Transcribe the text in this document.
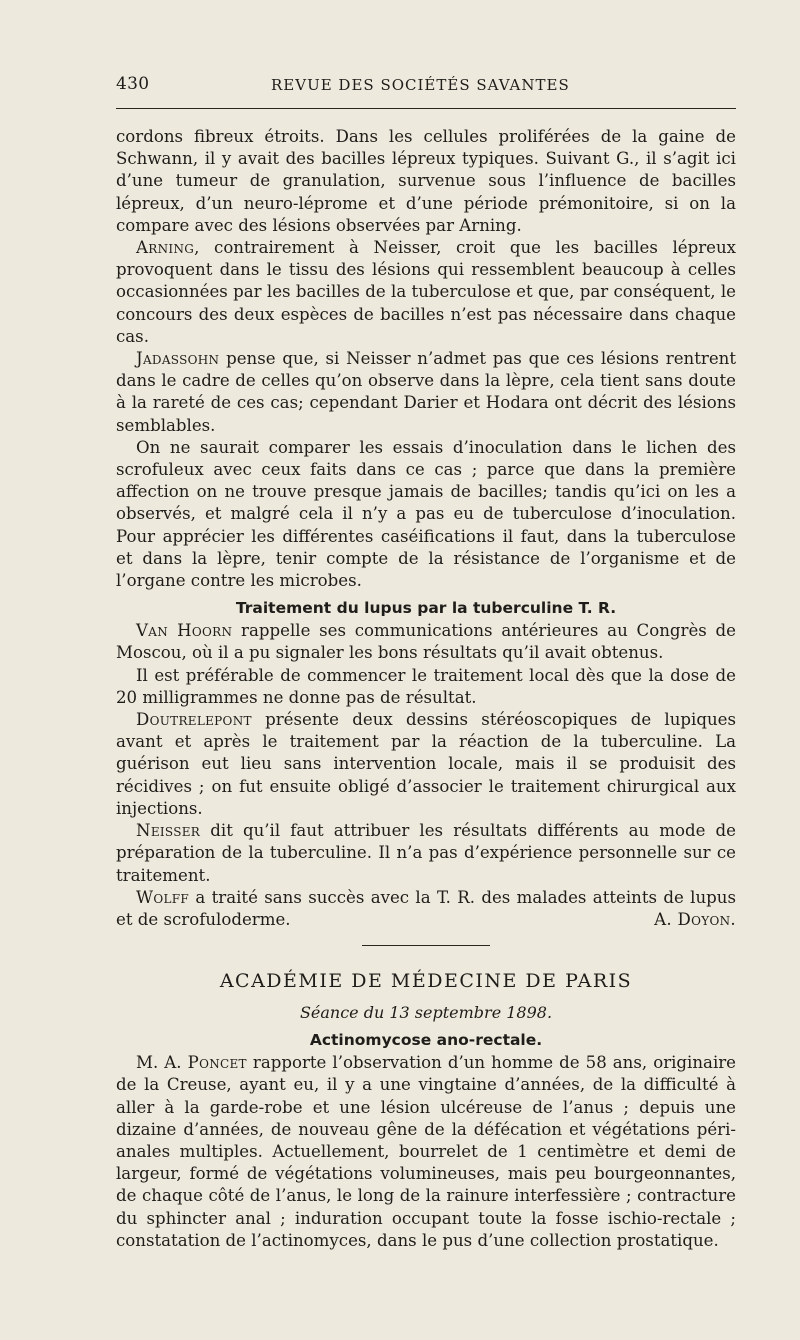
430	REVUE DES SOCIÉTÉS SAVANTES

cordons fibreux étroits. Dans les cellules proliférées de la gaine de Schwann, il y avait des bacilles lépreux typiques. Suivant G., il s’agit ici d’une tumeur de granulation, survenue sous l’influence de bacilles lépreux, d’un neuro-léprome et d’une période prémonitoire, si on la compare avec des lésions observées par Arning.

Arning, contrairement à Neisser, croit que les bacilles lépreux provoquent dans le tissu des lésions qui ressemblent beaucoup à celles occasionnées par les bacilles de la tuberculose et que, par conséquent, le concours des deux espèces de bacilles n’est pas nécessaire dans chaque cas.

Jadassohn pense que, si Neisser n’admet pas que ces lésions rentrent dans le cadre de celles qu’on observe dans la lèpre, cela tient sans doute à la rareté de ces cas; cependant Darier et Hodara ont décrit des lésions semblables.

On ne saurait comparer les essais d’inoculation dans le lichen des scrofuleux avec ceux faits dans ce cas ; parce que dans la première affection on ne trouve presque jamais de bacilles; tandis qu’ici on les a observés, et malgré cela il n’y a pas eu de tuberculose d’inoculation. Pour apprécier les différentes caséifications il faut, dans la tuberculose et dans la lèpre, tenir compte de la résistance de l’organisme et de l’organe contre les microbes.

Traitement du lupus par la tuberculine T. R.

Van Hoorn rappelle ses communications antérieures au Congrès de Moscou, où il a pu signaler les bons résultats qu’il avait obtenus.

Il est préférable de commencer le traitement local dès que la dose de 20 milligrammes ne donne pas de résultat.

Doutrelepont présente deux dessins stéréoscopiques de lupiques avant et après le traitement par la réaction de la tuberculine. La guérison eut lieu sans intervention locale, mais il se produisit des récidives ; on fut ensuite obligé d’associer le traitement chirurgical aux injections.

Neisser dit qu’il faut attribuer les résultats différents au mode de préparation de la tuberculine. Il n’a pas d’expérience personnelle sur ce traitement.

Wolff a traité sans succès avec la T. R. des malades atteints de lupus et de scrofuloderme.	A. Doyon.

ACADÉMIE DE MÉDECINE DE PARIS
Séance du 13 septembre 1898.
Actinomycose ano-rectale.

M. A. Poncet rapporte l’observation d’un homme de 58 ans, originaire de la Creuse, ayant eu, il y a une vingtaine d’années, de la difficulté à aller à la garde-robe et une lésion ulcéreuse de l’anus ; depuis une dizaine d’années, de nouveau gêne de la défécation et végétations péri-anales multiples. Actuellement, bourrelet de 1 centimètre et demi de largeur, formé de végétations volumineuses, mais peu bourgeonnantes, de chaque côté de l’anus, le long de la rainure interfessière ; contracture du sphincter anal ; induration occupant toute la fosse ischio-rectale ; constatation de l’actinomyces, dans le pus d’une collection prostatique.
